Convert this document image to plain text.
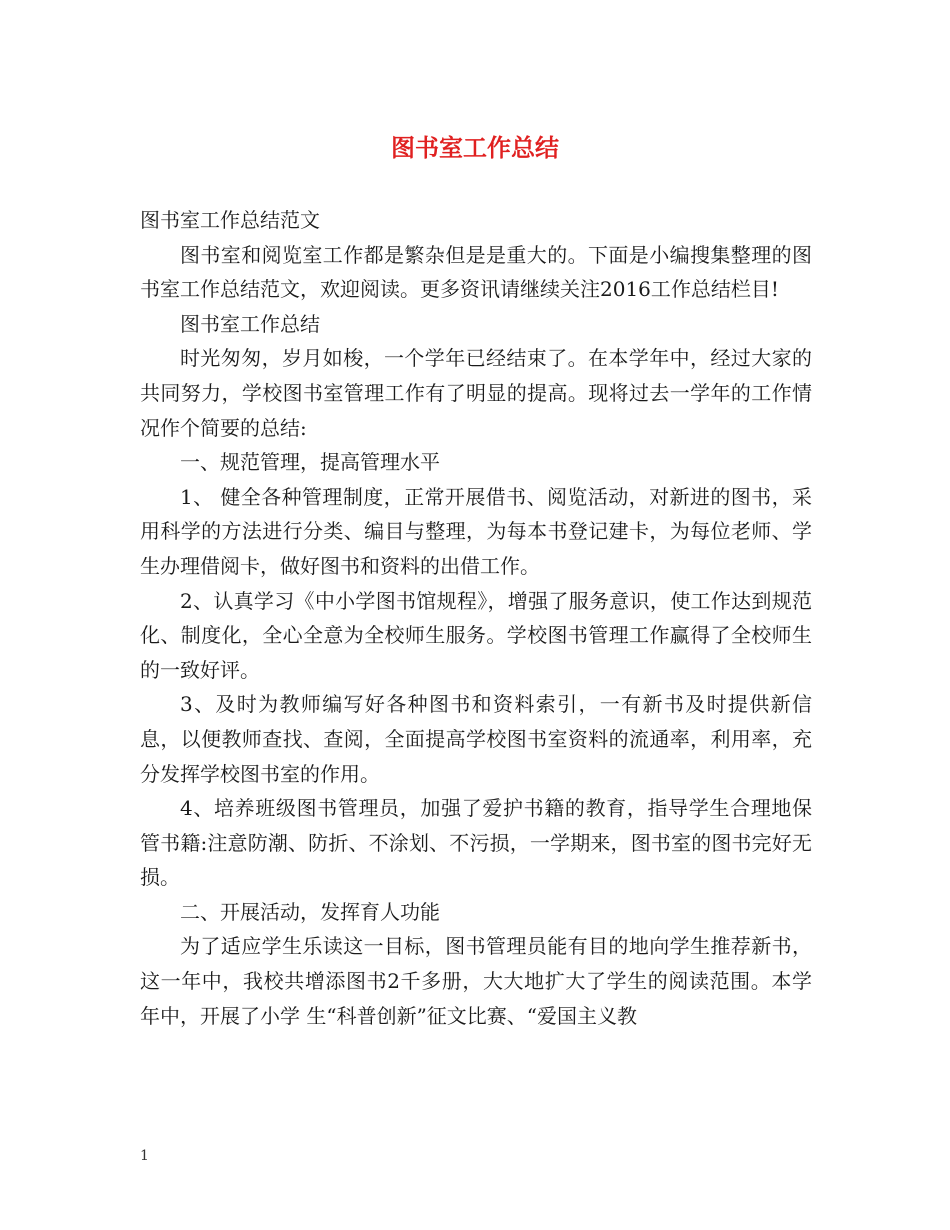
图书室工作总结

图书室工作总结范文

图书室和阅览室工作都是繁杂但是是重大的。下面是小编搜集整理的图书室工作总结范文，欢迎阅读。更多资讯请继续关注2016工作总结栏目!

图书室工作总结

时光匆匆，岁月如梭，一个学年已经结束了。在本学年中，经过大家的共同努力，学校图书室管理工作有了明显的提高。现将过去一学年的工作情况作个简要的总结:

一、规范管理，提高管理水平

1、 健全各种管理制度，正常开展借书、阅览活动，对新进的图书，采用科学的方法进行分类、编目与整理，为每本书登记建卡，为每位老师、学生办理借阅卡，做好图书和资料的出借工作。

2、认真学习《中小学图书馆规程》，增强了服务意识，使工作达到规范化、制度化，全心全意为全校师生服务。学校图书管理工作赢得了全校师生的一致好评。

3、及时为教师编写好各种图书和资料索引，一有新书及时提供新信息，以便教师查找、查阅，全面提高学校图书室资料的流通率，利用率，充分发挥学校图书室的作用。

4、培养班级图书管理员，加强了爱护书籍的教育，指导学生合理地保管书籍:注意防潮、防折、不涂划、不污损，一学期来，图书室的图书完好无损。

二、开展活动，发挥育人功能

为了适应学生乐读这一目标，图书管理员能有目的地向学生推荐新书，这一年中，我校共增添图书2千多册，大大地扩大了学生的阅读范围。本学年中，开展了小学 生“科普创新”征文比赛、“爱国主义教

1
